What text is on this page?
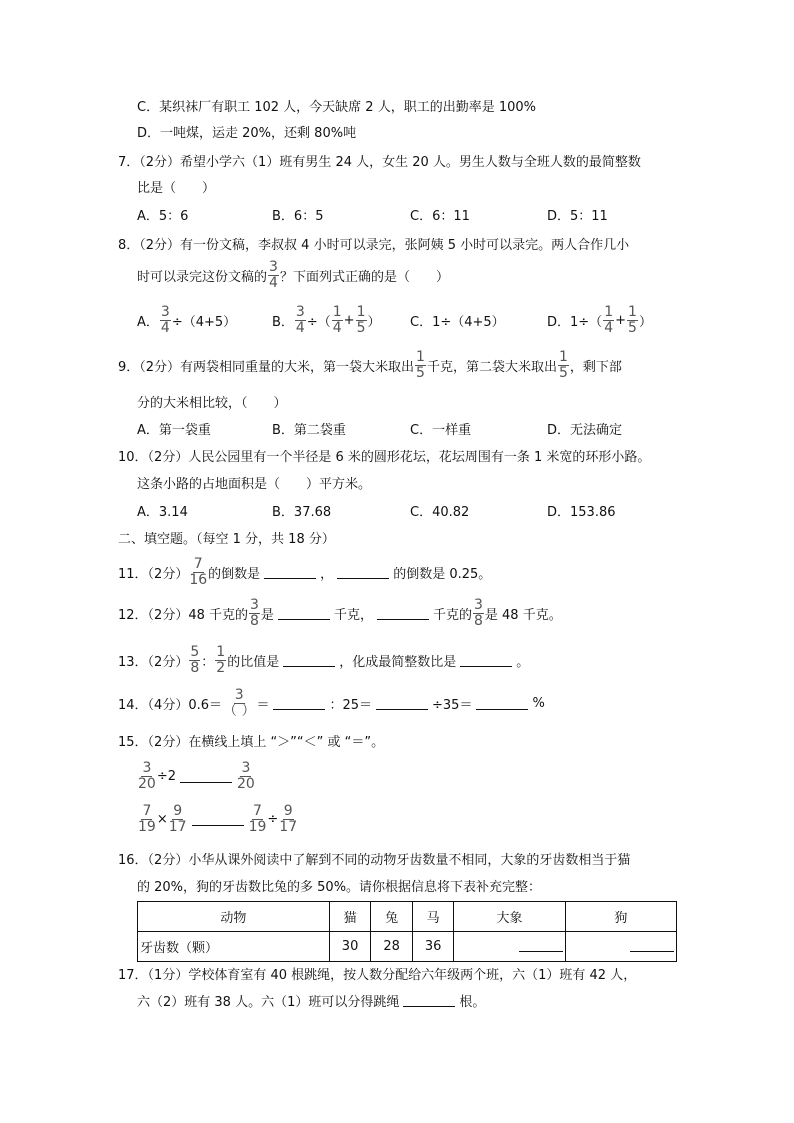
C．某织袜厂有职工 102 人，今天缺席 2 人，职工的出勤率是 100%
D．一吨煤，运走 20%，还剩 80%吨
7．（2分）希望小学六（1）班有男生 24 人，女生 20 人。男生人数与全班人数的最简整数
比是（　　）
A．5：6	B．6：5	C．6：11	D．5：11
8．（2分）有一份文稿，李叔叔 4 小时可以录完，张阿姨 5 小时可以录完。两人合作几小
时可以录完这份文稿的 $\frac{3}{4}$ ？下面列式正确的是（　　）
A． $\frac{3}{4} \div(4+5)$	B． $\frac{3}{4}$ ÷（ $\frac{1}{4} + \frac{1}{5}$ ） C．1÷（4+5）	D．$1\div( \frac{1}{4} + \frac{1}{5}$ ）
9．（2分）有两袋相同重量的大米，第一袋大米取出 $\frac{1}{5}$ 千克，第二袋大米取出 $\frac{1}{5}$ ，剩下部
分的大米相比较，（　　）
A．第一袋重	B．第二袋重	C．一样重	D．无法确定
10．（2分）人民公园里有一个半径是 6 米的圆形花坛，花坛周围有一条 1 米宽的环形小路。
这条小路的占地面积是（　　）平方米。
A．3.14	B．37.68	C．40.82	D．153.86
二、填空题。（每空 1 分，共 18 分）
11．（2分） $\frac{7}{16}$ 的倒数是	，	的倒数是 0.25。
12．（2分）48 千克的 $\frac{3}{8}$ 是	千克，	千克的 $\frac{3}{8}$ 是 48 千克。
13．（2分） $\frac{5}{8}$ ： $\frac{1}{2}$ 的比值是	，化成最简整数比是	。
14．（4分）$0.6= \frac{3}{( )}$ ＝	：25＝	÷35＝	%
15．（2分）在横线上填上 “＞”“＜” 或 “＝”。
$\frac{3}{20} \div 2$	$\frac{3}{20}$
$\frac{7}{19} \times \frac{9}{17}$	$\frac{7}{19} \div \frac{9}{17}$
16．（2分）小华从课外阅读中了解到不同的动物牙齿数量不相同，大象的牙齿数相当于猫
的 20%，狗的牙齿数比兔的多 50%。请你根据信息将下表补充完整：
17．（1分）学校体育室有 40 根跳绳，按人数分配给六年级两个班，六（1）班有 42 人，
六（2）班有 38 人。六（1）班可以分得跳绳	根。
动物	猫	兔	马	大象	狗
牙齿数（颗）	30	28	36		
